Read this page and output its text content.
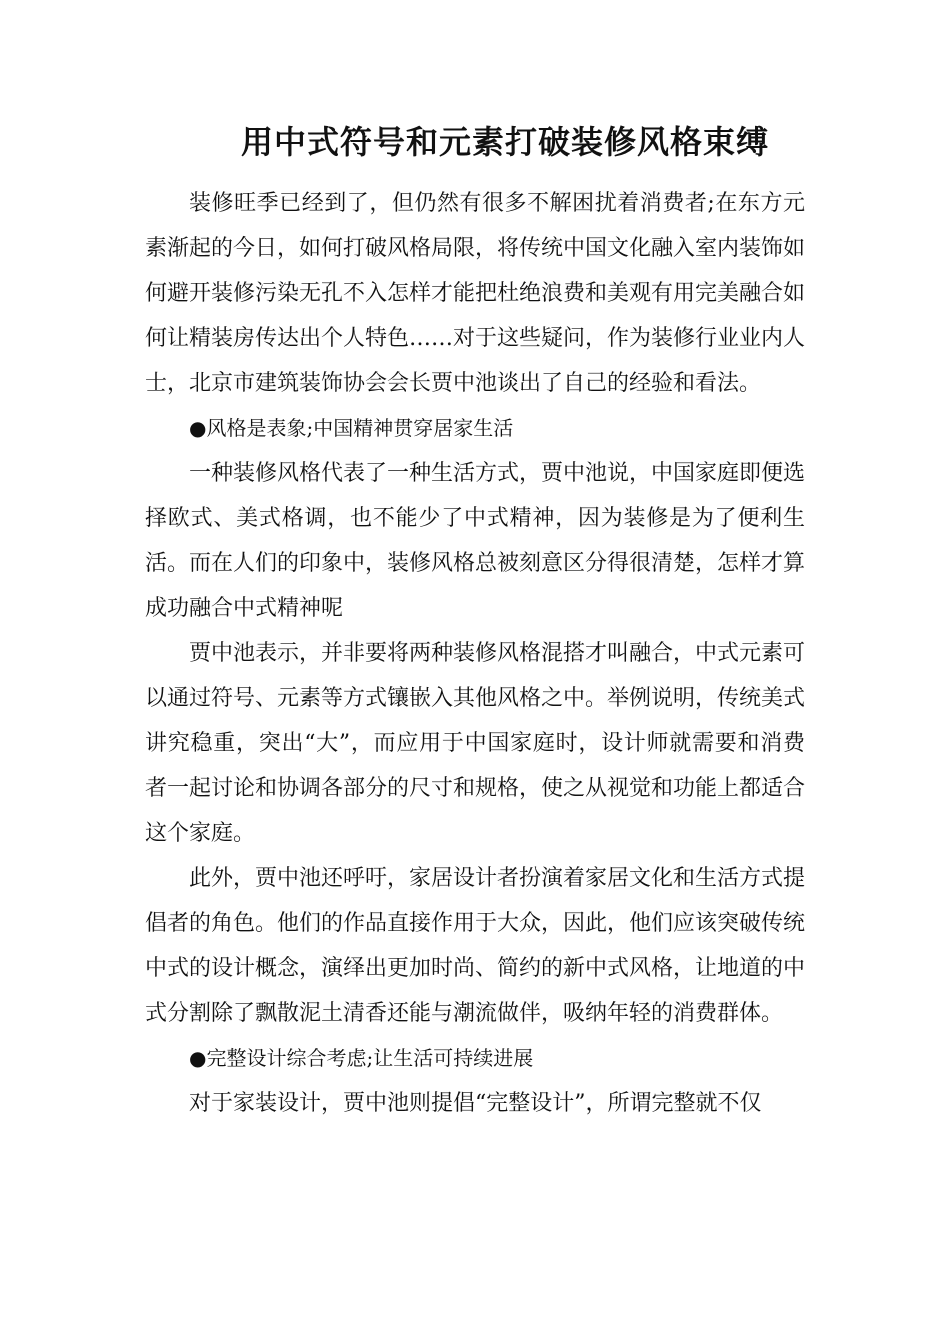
用中式符号和元素打破装修风格束缚

装修旺季已经到了，但仍然有很多不解困扰着消费者;在东方元素渐起的今日，如何打破风格局限，将传统中国文化融入室内装饰如何避开装修污染无孔不入怎样才能把杜绝浪费和美观有用完美融合如何让精装房传达出个人特色……对于这些疑问，作为装修行业业内人士，北京市建筑装饰协会会长贾中池谈出了自己的经验和看法。

●风格是表象;中国精神贯穿居家生活

一种装修风格代表了一种生活方式，贾中池说，中国家庭即便选择欧式、美式格调，也不能少了中式精神，因为装修是为了便利生活。而在人们的印象中，装修风格总被刻意区分得很清楚，怎样才算成功融合中式精神呢

贾中池表示，并非要将两种装修风格混搭才叫融合，中式元素可以通过符号、元素等方式镶嵌入其他风格之中。举例说明，传统美式讲究稳重，突出“大”，而应用于中国家庭时，设计师就需要和消费者一起讨论和协调各部分的尺寸和规格，使之从视觉和功能上都适合这个家庭。

此外，贾中池还呼吁，家居设计者扮演着家居文化和生活方式提倡者的角色。他们的作品直接作用于大众，因此，他们应该突破传统中式的设计概念，演绎出更加时尚、简约的新中式风格，让地道的中式分割除了飘散泥土清香还能与潮流做伴，吸纳年轻的消费群体。

●完整设计综合考虑;让生活可持续进展

对于家装设计，贾中池则提倡“完整设计”，所谓完整就不仅
